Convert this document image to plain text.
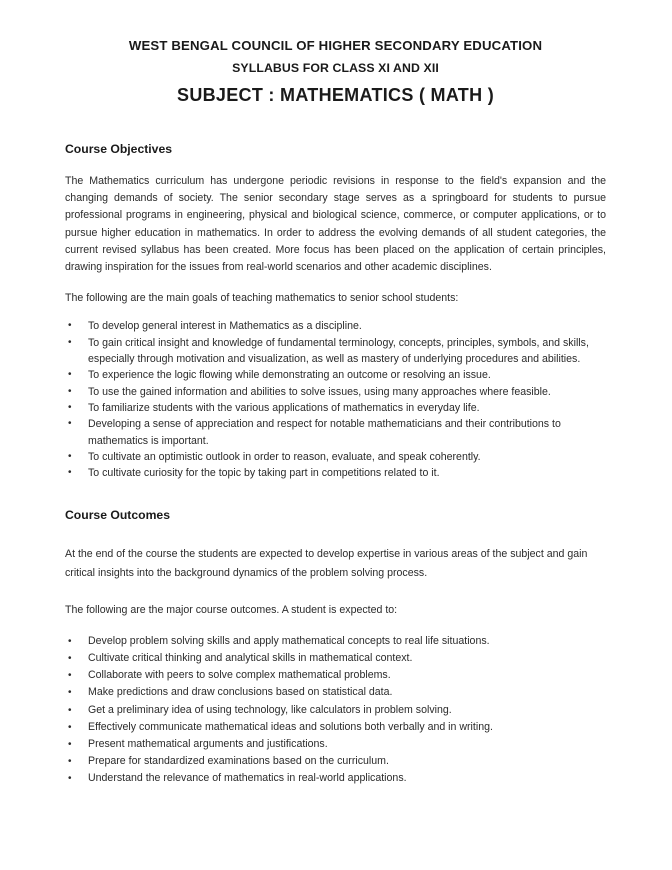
WEST BENGAL COUNCIL OF HIGHER SECONDARY EDUCATION
SYLLABUS FOR CLASS XI AND XII
SUBJECT : MATHEMATICS ( MATH )
Course Objectives

The Mathematics curriculum has undergone periodic revisions in response to the field's expansion and the changing demands of society. The senior secondary stage serves as a springboard for students to pursue professional programs in engineering, physical and biological science, commerce, or computer applications, or to pursue higher education in mathematics. In order to address the evolving demands of all student categories, the current revised syllabus has been created. More focus has been placed on the application of certain principles, drawing inspiration for the issues from real-world scenarios and other academic disciplines.

The following are the main goals of teaching mathematics to senior school students:

• To develop general interest in Mathematics as a discipline.
• To gain critical insight and knowledge of fundamental terminology, concepts, principles, symbols, and skills, especially through motivation and visualization, as well as mastery of underlying procedures and abilities.
• To experience the logic flowing while demonstrating an outcome or resolving an issue.
• To use the gained information and abilities to solve issues, using many approaches where feasible.
• To familiarize students with the various applications of mathematics in everyday life.
• Developing a sense of appreciation and respect for notable mathematicians and their contributions to mathematics is important.
• To cultivate an optimistic outlook in order to reason, evaluate, and speak coherently.
• To cultivate curiosity for the topic by taking part in competitions related to it.
Course Outcomes

At the end of the course the students are expected to develop expertise in various areas of the subject and gain critical insights into the background dynamics of the problem solving process.

The following are the major course outcomes. A student is expected to:

• Develop problem solving skills and apply mathematical concepts to real life situations.
• Cultivate critical thinking and analytical skills in mathematical context.
• Collaborate with peers to solve complex mathematical problems.
• Make predictions and draw conclusions based on statistical data.
• Get a preliminary idea of using technology, like calculators in problem solving.
• Effectively communicate mathematical ideas and solutions both verbally and in writing.
• Present mathematical arguments and justifications.
• Prepare for standardized examinations based on the curriculum.
• Understand the relevance of mathematics in real-world applications.
